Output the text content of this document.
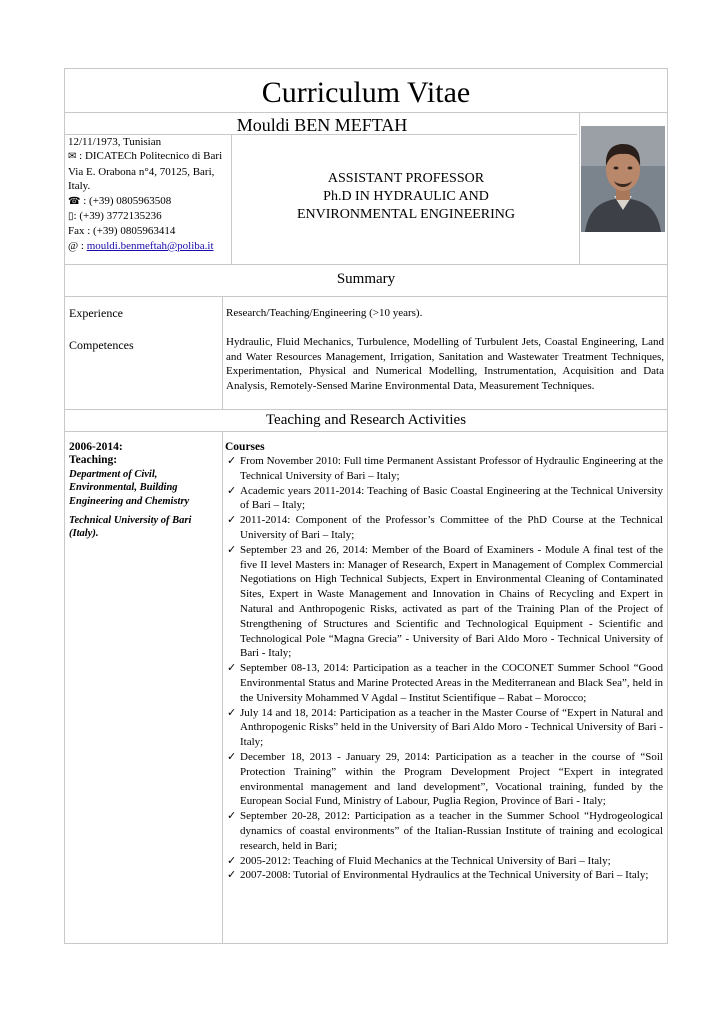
Curriculum Vitae
Mouldi BEN MEFTAH
12/11/1973, Tunisian
✉ : DICATECh Politecnico di Bari
Via E. Orabona n°4, 70125, Bari, Italy.
☎ : (+39) 0805963508
▯: (+39) 3772135236
Fax : (+39) 0805963414
@ : mouldi.benmeftah@poliba.it
ASSISTANT PROFESSOR
Ph.D IN HYDRAULIC AND
ENVIRONMENTAL ENGINEERING
Summary
Experience	Research/Teaching/Engineering (>10 years).
Competences	Hydraulic, Fluid Mechanics, Turbulence, Modelling of Turbulent Jets, Coastal Engineering, Land and Water Resources Management, Irrigation, Sanitation and Wastewater Treatment Techniques, Experimentation, Physical and Numerical Modelling, Instrumentation, Acquisition and Data Analysis, Remotely-Sensed Marine Environmental Data, Measurement Techniques.
Teaching and Research Activities
2006-2014:
Teaching:
Department of Civil, Environmental, Building Engineering and Chemistry
Technical University of Bari (Italy).
Courses
✓ From November 2010: Full time Permanent Assistant Professor of Hydraulic Engineering at the Technical University of Bari – Italy;
✓ Academic years 2011-2014: Teaching of Basic Coastal Engineering at the Technical University of Bari – Italy;
✓ 2011-2014: Component of the Professor’s Committee of the PhD Course at the Technical University of Bari – Italy;
✓ September 23 and 26, 2014: Member of the Board of Examiners - Module A final test of the five II level Masters in: Manager of Research, Expert in Management of Complex Commercial Negotiations on High Technical Subjects, Expert in Environmental Cleaning of Contaminated Sites, Expert in Waste Management and Innovation in Chains of Recycling and Expert in Natural and Anthropogenic Risks, activated as part of the Training Plan of the Project of Strengthening of Structures and Scientific and Technological Equipment - Scientific and Technological Pole “Magna Grecia” - University of Bari Aldo Moro - Technical University of Bari - Italy;
✓ September 08-13, 2014: Participation as a teacher in the COCONET Summer School “Good Environmental Status and Marine Protected Areas in the Mediterranean and Black Sea”, held in the University Mohammed V Agdal – Institut Scientifique – Rabat – Morocco;
✓ July 14 and 18, 2014: Participation as a teacher in the Master Course of “Expert in Natural and Anthropogenic Risks” held in the University of Bari Aldo Moro - Technical University of Bari - Italy;
✓ December 18, 2013 - January 29, 2014: Participation as a teacher in the course of “Soil Protection Training” within the Program Development Project “Expert in integrated environmental management and land development”, Vocational training, funded by the European Social Fund, Ministry of Labour, Puglia Region, Province of Bari - Italy;
✓ September 20-28, 2012: Participation as a teacher in the Summer School “Hydrogeological dynamics of coastal environments” of the Italian-Russian Institute of training and ecological research, held in Bari;
✓ 2005-2012: Teaching of Fluid Mechanics at the Technical University of Bari – Italy;
✓ 2007-2008: Tutorial of Environmental Hydraulics at the Technical University of Bari – Italy;
